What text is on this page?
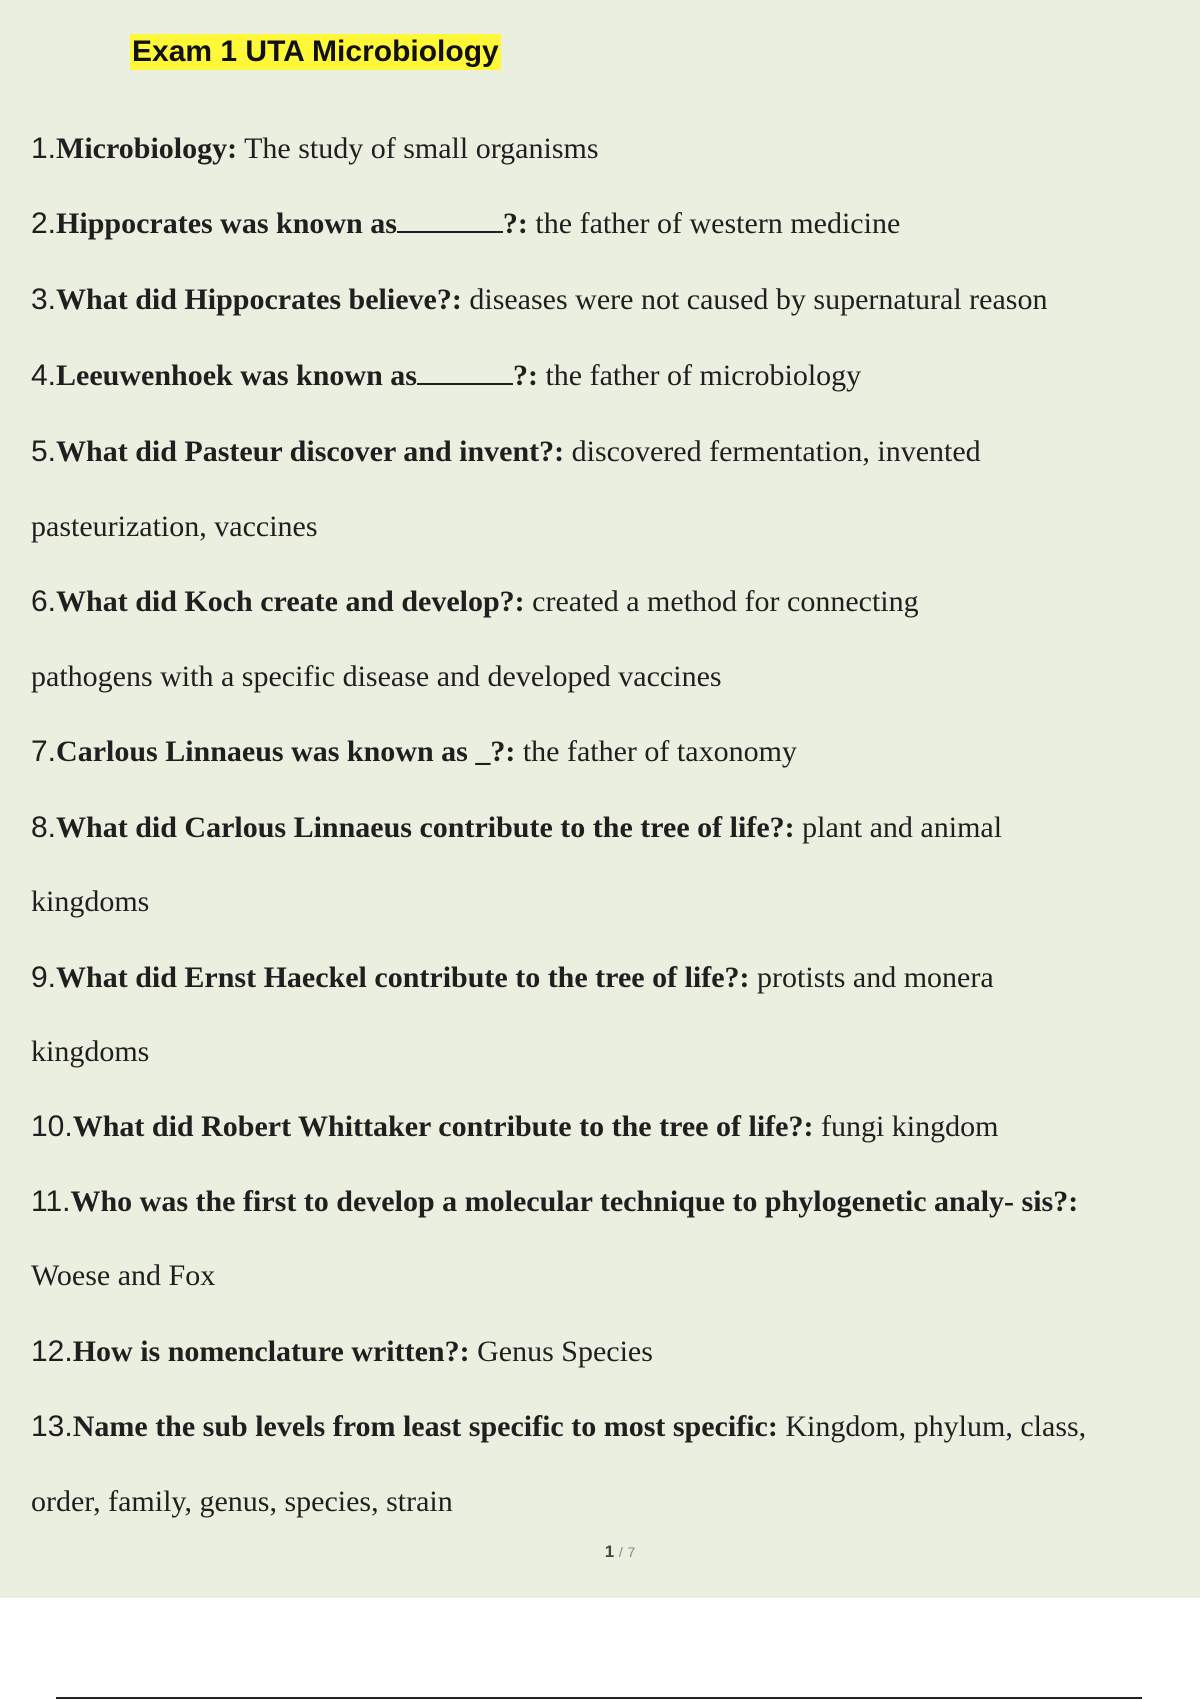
Exam 1 UTA Microbiology
1.Microbiology: The study of small organisms
2.Hippocrates was known as	?: the father of western medicine
3.What did Hippocrates believe?: diseases were not caused by supernatural reason
4.Leeuwenhoek was known as	?: the father of microbiology
5.What did Pasteur discover and invent?: discovered fermentation, invented
pasteurization, vaccines
6.What did Koch create and develop?: created a method for connecting
pathogens with a specific disease and developed vaccines
7.Carlous Linnaeus was known as _?: the father of taxonomy
8.What did Carlous Linnaeus contribute to the tree of life?: plant and animal
kingdoms
9.What did Ernst Haeckel contribute to the tree of life?: protists and monera
kingdoms
10.What did Robert Whittaker contribute to the tree of life?: fungi kingdom
11.Who was the first to develop a molecular technique to phylogenetic analy- sis?:
Woese and Fox
12.How is nomenclature written?: Genus Species
13.Name the sub levels from least specific to most specific: Kingdom, phylum, class,
order, family, genus, species, strain
1 / 7
